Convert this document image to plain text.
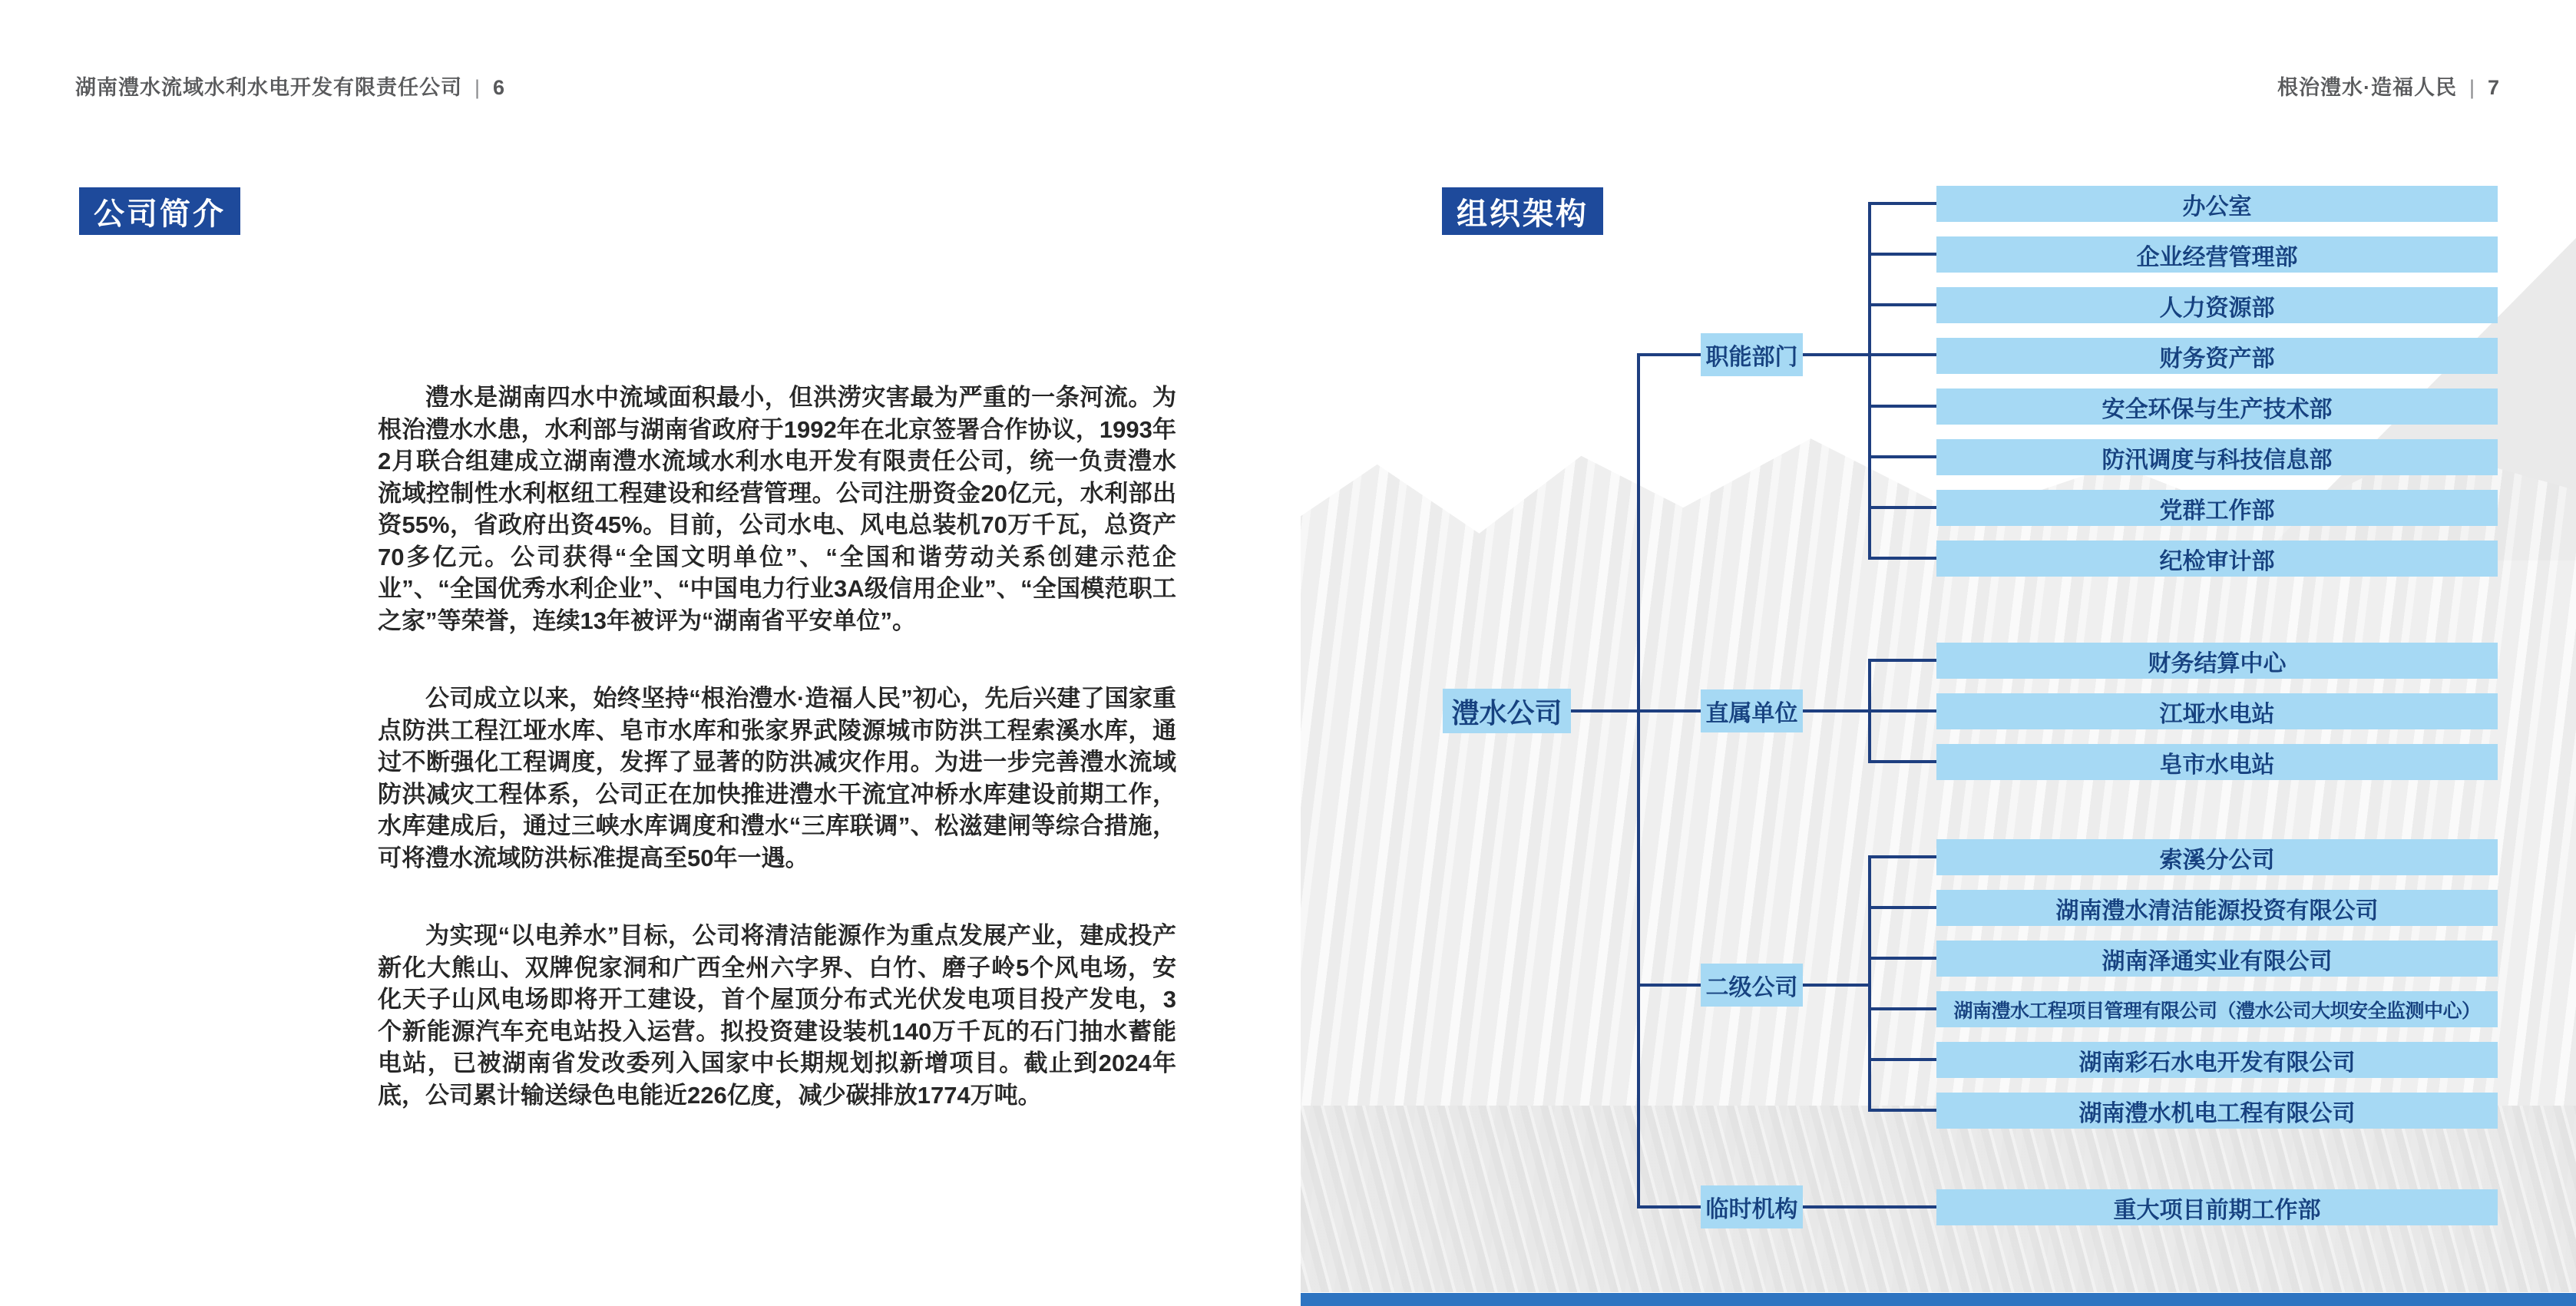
湖南澧水流域水利水电开发有限责任公司 | 6	根治澧水·造福人民 | 7
公司简介

澧水是湖南四水中流域面积最小，但洪涝灾害最为严重的一条河流。为根治澧水水患，水利部与湖南省政府于1992年在北京签署合作协议，1993年2月联合组建成立湖南澧水流域水利水电开发有限责任公司，统一负责澧水流域控制性水利枢纽工程建设和经营管理。公司注册资金20亿元，水利部出资55%，省政府出资45%。目前，公司水电、风电总装机70万千瓦，总资产70多亿元。公司获得“全国文明单位”、“全国和谐劳动关系创建示范企业”、“全国优秀水利企业”、“中国电力行业3A级信用企业”、“全国模范职工之家”等荣誉，连续13年被评为“湖南省平安单位”。

公司成立以来，始终坚持“根治澧水·造福人民”初心，先后兴建了国家重点防洪工程江垭水库、皂市水库和张家界武陵源城市防洪工程索溪水库，通过不断强化工程调度，发挥了显著的防洪减灾作用。为进一步完善澧水流域防洪减灾工程体系，公司正在加快推进澧水干流宜冲桥水库建设前期工作，水库建成后，通过三峡水库调度和澧水“三库联调”、松滋建闸等综合措施，可将澧水流域防洪标准提高至50年一遇。

为实现“以电养水”目标，公司将清洁能源作为重点发展产业，建成投产新化大熊山、双牌倪家洞和广西全州六字界、白竹、磨子岭5个风电场，安化天子山风电场即将开工建设，首个屋顶分布式光伏发电项目投产发电，3个新能源汽车充电站投入运营。拟投资建设装机140万千瓦的石门抽水蓄能电站，已被湖南省发改委列入国家中长期规划拟新增项目。截止到2024年底，公司累计输送绿色电能近226亿度，减少碳排放1774万吨。

组织架构
澧水公司
职能部门
直属单位
二级公司
临时机构
办公室
企业经营管理部
人力资源部
财务资产部
安全环保与生产技术部
防汛调度与科技信息部
党群工作部
纪检审计部
财务结算中心
江垭水电站
皂市水电站
索溪分公司
湖南澧水清洁能源投资有限公司
湖南泽通实业有限公司
湖南澧水工程项目管理有限公司（澧水公司大坝安全监测中心）
湖南彩石水电开发有限公司
湖南澧水机电工程有限公司
重大项目前期工作部
